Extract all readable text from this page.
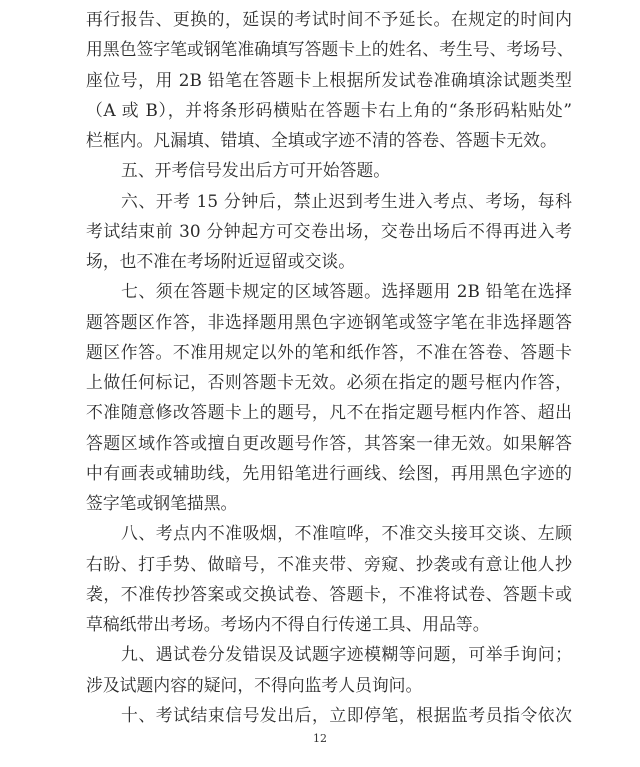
再行报告、更换的，延误的考试时间不予延长。在规定的时间内
用黑色签字笔或钢笔准确填写答题卡上的姓名、考生号、考场号、
座位号，用 2B 铅笔在答题卡上根据所发试卷准确填涂试题类型
（A 或 B），并将条形码横贴在答题卡右上角的“条形码粘贴处”
栏框内。凡漏填、错填、全填或字迹不清的答卷、答题卡无效。
五、开考信号发出后方可开始答题。
六、开考 15 分钟后，禁止迟到考生进入考点、考场，每科
考试结束前 30 分钟起方可交卷出场，交卷出场后不得再进入考
场，也不准在考场附近逗留或交谈。
七、须在答题卡规定的区域答题。选择题用 2B 铅笔在选择
题答题区作答，非选择题用黑色字迹钢笔或签字笔在非选择题答
题区作答。不准用规定以外的笔和纸作答，不准在答卷、答题卡
上做任何标记，否则答题卡无效。必须在指定的题号框内作答，
不准随意修改答题卡上的题号，凡不在指定题号框内作答、超出
答题区域作答或擅自更改题号作答，其答案一律无效。如果解答
中有画表或辅助线，先用铅笔进行画线、绘图，再用黑色字迹的
签字笔或钢笔描黑。
八、考点内不准吸烟，不准喧哗，不准交头接耳交谈、左顾
右盼、打手势、做暗号，不准夹带、旁窥、抄袭或有意让他人抄
袭，不准传抄答案或交换试卷、答题卡，不准将试卷、答题卡或
草稿纸带出考场。考场内不得自行传递工具、用品等。
九、遇试卷分发错误及试题字迹模糊等问题，可举手询问；
涉及试题内容的疑问，不得向监考人员询问。
十、考试结束信号发出后，立即停笔，根据监考员指令依次
12
